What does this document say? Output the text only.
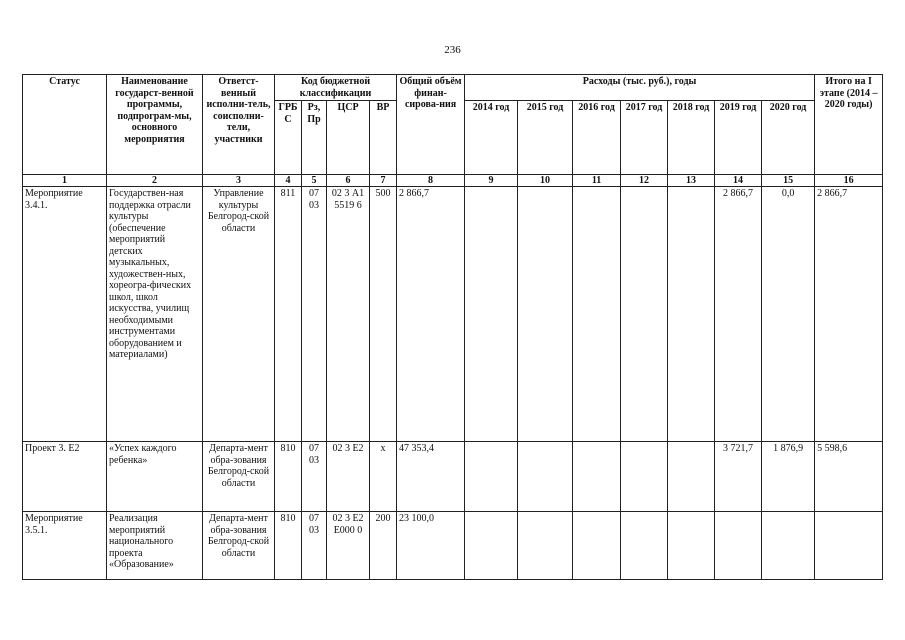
236
Статус	Наименование государст-венной программы, подпрограм-мы, основного мероприятия	Ответст-венный исполни-тель, соисполни-тели, участники	Код бюджетной классификации				Общий объём финан-сирова-ния	Расходы (тыс. руб.), годы							Итого на I этапе (2014 – 2020 годы)
			ГРБ С	Рз, Пр	ЦСР	ВР		2014 год	2015 год	2016 год	2017 год	2018 год	2019 год	2020 год	
1	2	3	4	5	6	7	8	9	10	11	12	13	14	15	16
Мероприятие 3.4.1.	Государствен-ная поддержка отрасли культуры (обеспечение мероприятий детских музыкальных, художествен-ных, хореогра-фических школ, школ искусства, училищ необходимыми инструментами оборудованием и материалами)	Управление культуры Белгород-ской области	811	07 03	02 3 А1 5519 6	500	2 866,7						2 866,7	0,0	2 866,7
Проект 3. Е2	«Успех каждого ребенка»	Департа-мент обра-зования Белгород-ской области	810	07 03	02 3 Е2	х	47 353,4						3 721,7	1 876,9	5 598,6
Мероприятие 3.5.1.	Реализация мероприятий национального проекта «Образование»	Департа-мент обра-зования Белгород-ской области	810	07 03	02 3 Е2 Е000 0	200	23 100,0								
